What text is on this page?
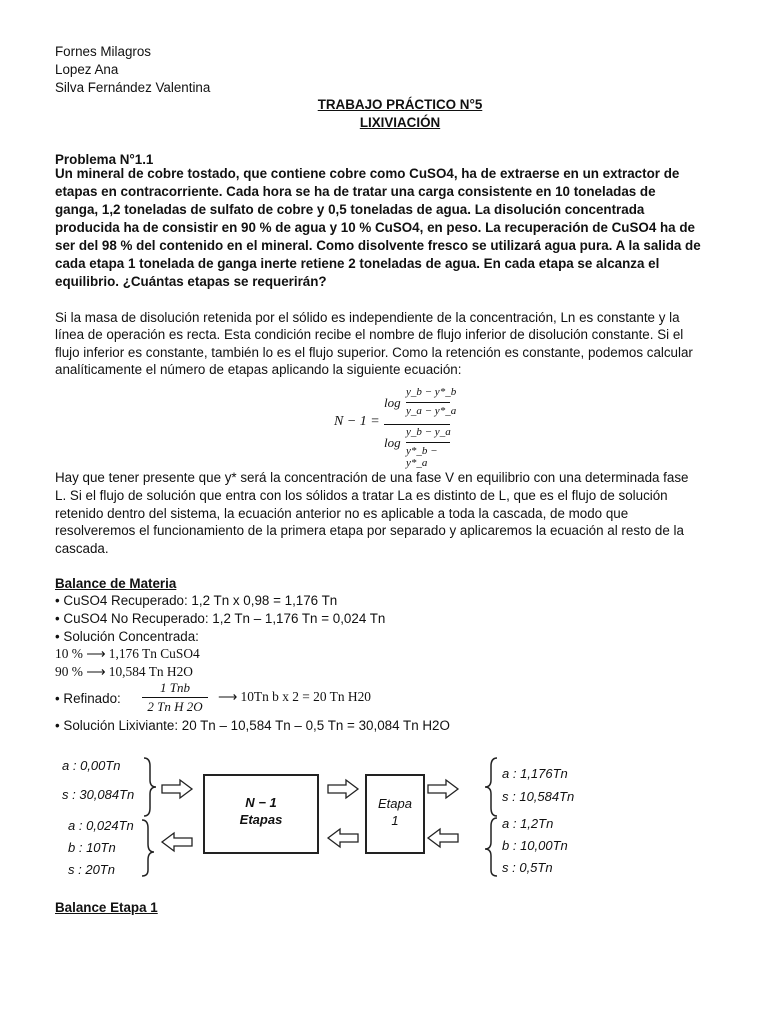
Fornes Milagros
Lopez Ana
Silva Fernández Valentina
TRABAJO PRÁCTICO N°5
LIXIVIACIÓN
Problema N°1.1
Un mineral de cobre tostado, que contiene cobre como CuSO4, ha de extraerse en un extractor de
etapas en contracorriente. Cada hora se ha de tratar una carga consistente en 10 toneladas de
ganga, 1,2 toneladas de sulfato de cobre y 0,5 toneladas de agua. La disolución concentrada
producida ha de consistir en 90 % de agua y 10 % CuSO4, en peso. La recuperación de CuSO4 ha de
ser del 98 % del contenido en el mineral. Como disolvente fresco se utilizará agua pura. A la salida de
cada etapa 1 tonelada de ganga inerte retiene 2 toneladas de agua. En cada etapa se alcanza el
equilibrio. ¿Cuántas etapas se requerirán?
Si la masa de disolución retenida por el sólido es independiente de la concentración, Ln es constante y la
línea de operación es recta. Esta condición recibe el nombre de flujo inferior de disolución constante. Si el
flujo inferior es constante, también lo es el flujo superior. Como la retención es constante, podemos calcular
analíticamente el número de etapas aplicando la siguiente ecuación:
N − 1 =
log
y_b − y*_b
y_a − y*_a
log
y_b − y_a
y*_b − y*_a
Hay que tener presente que y* será la concentración de una fase V en equilibrio con una determinada fase
L. Si el flujo de solución que entra con los sólidos a tratar La es distinto de L, que es el flujo de solución
retenido dentro del sistema, la ecuación anterior no es aplicable a toda la cascada, de modo que
resolveremos el funcionamiento de la primera etapa por separado y aplicaremos la ecuación al resto de la
cascada.
Balance de Materia
• CuSO4 Recuperado: 1,2 Tn x 0,98 = 1,176 Tn
• CuSO4 No Recuperado: 1,2 Tn – 1,176 Tn = 0,024 Tn
• Solución Concentrada:
10 % ⟶ 1,176 Tn CuSO4
90 % ⟶ 10,584 Tn H2O
• Refinado:
1 Tnb
2 Tn H 2O
⟶ 10Tn b x 2 = 20 Tn H20
• Solución Lixiviante: 20 Tn – 10,584 Tn – 0,5 Tn = 30,084 Tn H2O
a : 0,00Tn
s : 30,084Tn
a : 0,024Tn
b : 10Tn
s : 20Tn
N − 1
Etapas
Etapa
1
a : 1,176Tn
s : 10,584Tn
a : 1,2Tn
b : 10,00Tn
s : 0,5Tn
Balance Etapa 1
